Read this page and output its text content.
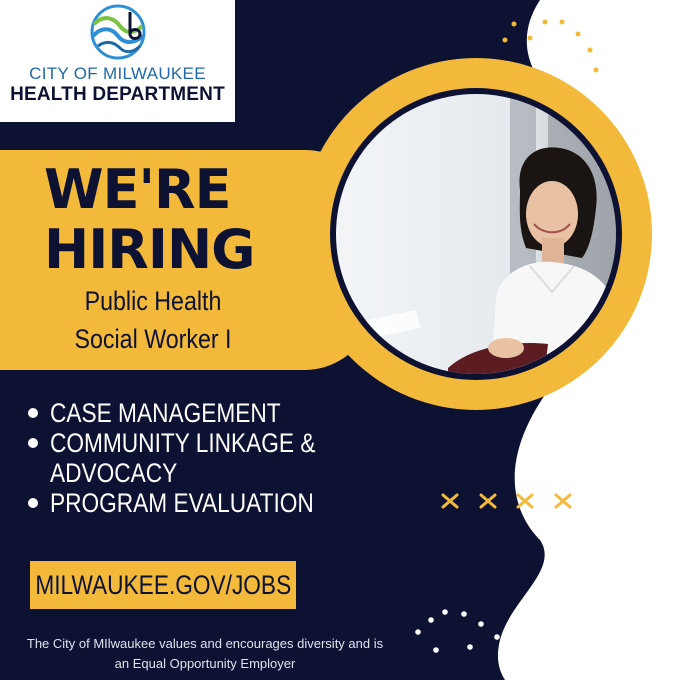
CITY OF MILWAUKEE
HEALTH DEPARTMENT
WE'RE
HIRING
Public Health
Social Worker I
CASE MANAGEMENT
COMMUNITY LINKAGE &
ADVOCACY
PROGRAM EVALUATION
MILWAUKEE.GOV/JOBS
The City of MIlwaukee values and encourages diversity and is
an Equal Opportunity Employer
